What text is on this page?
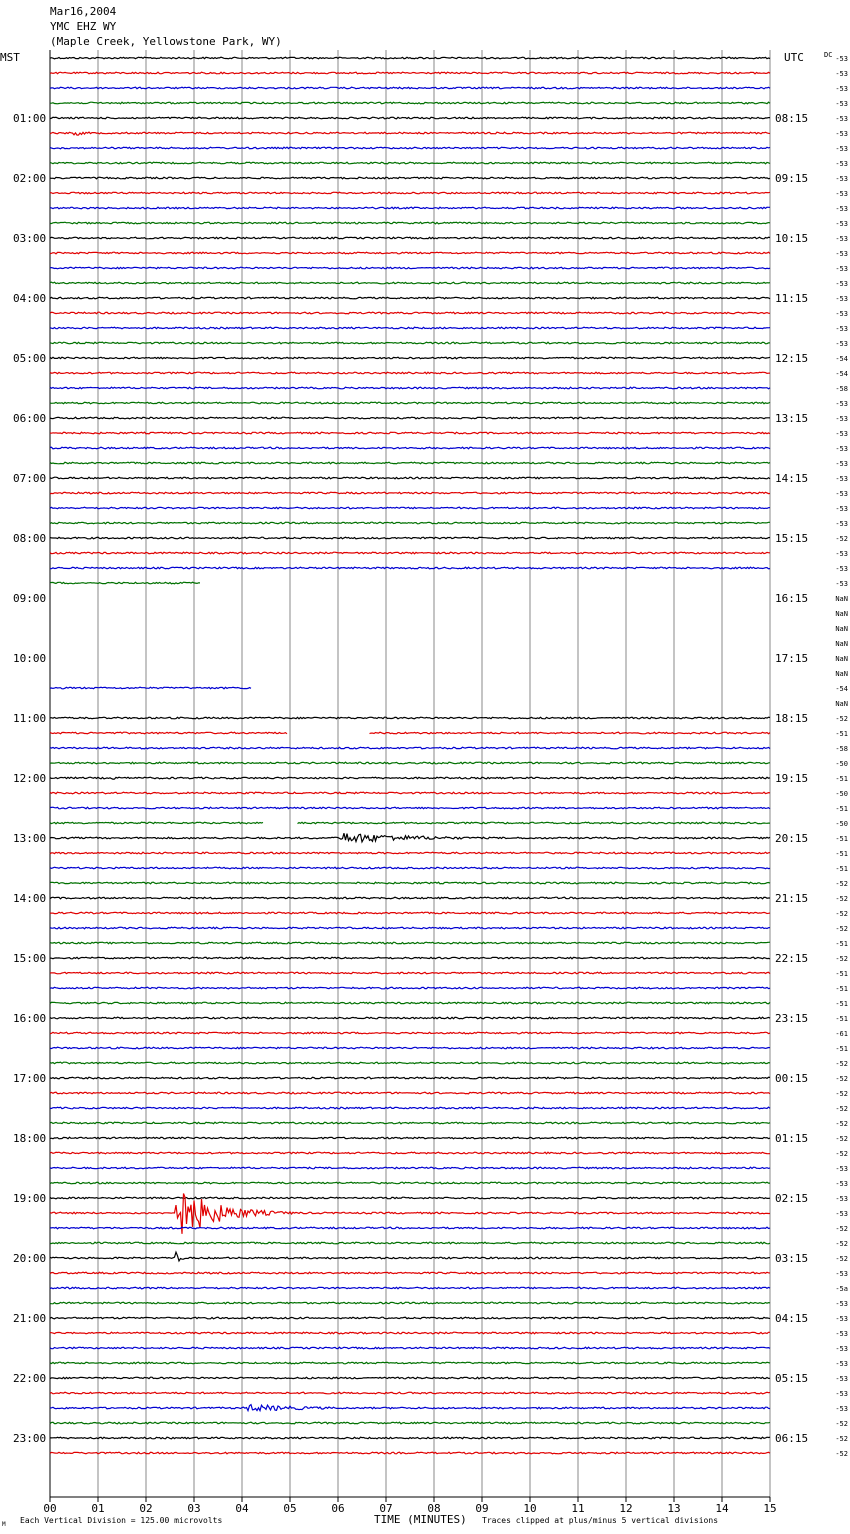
00	01	02	03	04	05	06	07	08	09	10	11	12	13	14	15
-53
-53
-53
-53
-53
-53
-53
-53
-53
-53
-53
-53
-53
-53
-53
-53
-53
-53
-53
-53
-54
-54
-58
-53
-53
-53
-53
-53
-53
-53
-53
-53
-52
-53
-53
-53
NaN
NaN
NaN
NaN
NaN
NaN
-54
NaN
-52
-51
-58
-50
-51
-50
-51
-50
-51
-51
-51
-52
-52
-52
-52
-51
-52
-51
-51
-51
-51
-61
-51
-52
-52
-52
-52
-52
-52
-52
-53
-53
-53
-53
-52
-52
-52
-53
-5a
-53
-53
-53
-53
-53
-53
-53
-53
-52
-52
-52
01:00	08:15
02:00	09:15
03:00	10:15
04:00	11:15
05:00	12:15
06:00	13:15
07:00	14:15
08:00	15:15
09:00	16:15
10:00	17:15
11:00	18:15
12:00	19:15
13:00	20:15
14:00	21:15
15:00	22:15
16:00	23:15
17:00	00:15
18:00	01:15
19:00	02:15
20:00	03:15
21:00	04:15
22:00	05:15
23:00	06:15
Mar16,2004
YMC EHZ WY
(Maple Creek, Yellowstone Park, WY)
MST	UTC	DC
TIME (MINUTES)
Each Vertical Division = 125.00 microvolts	Traces clipped at plus/minus 5 vertical divisions
M
